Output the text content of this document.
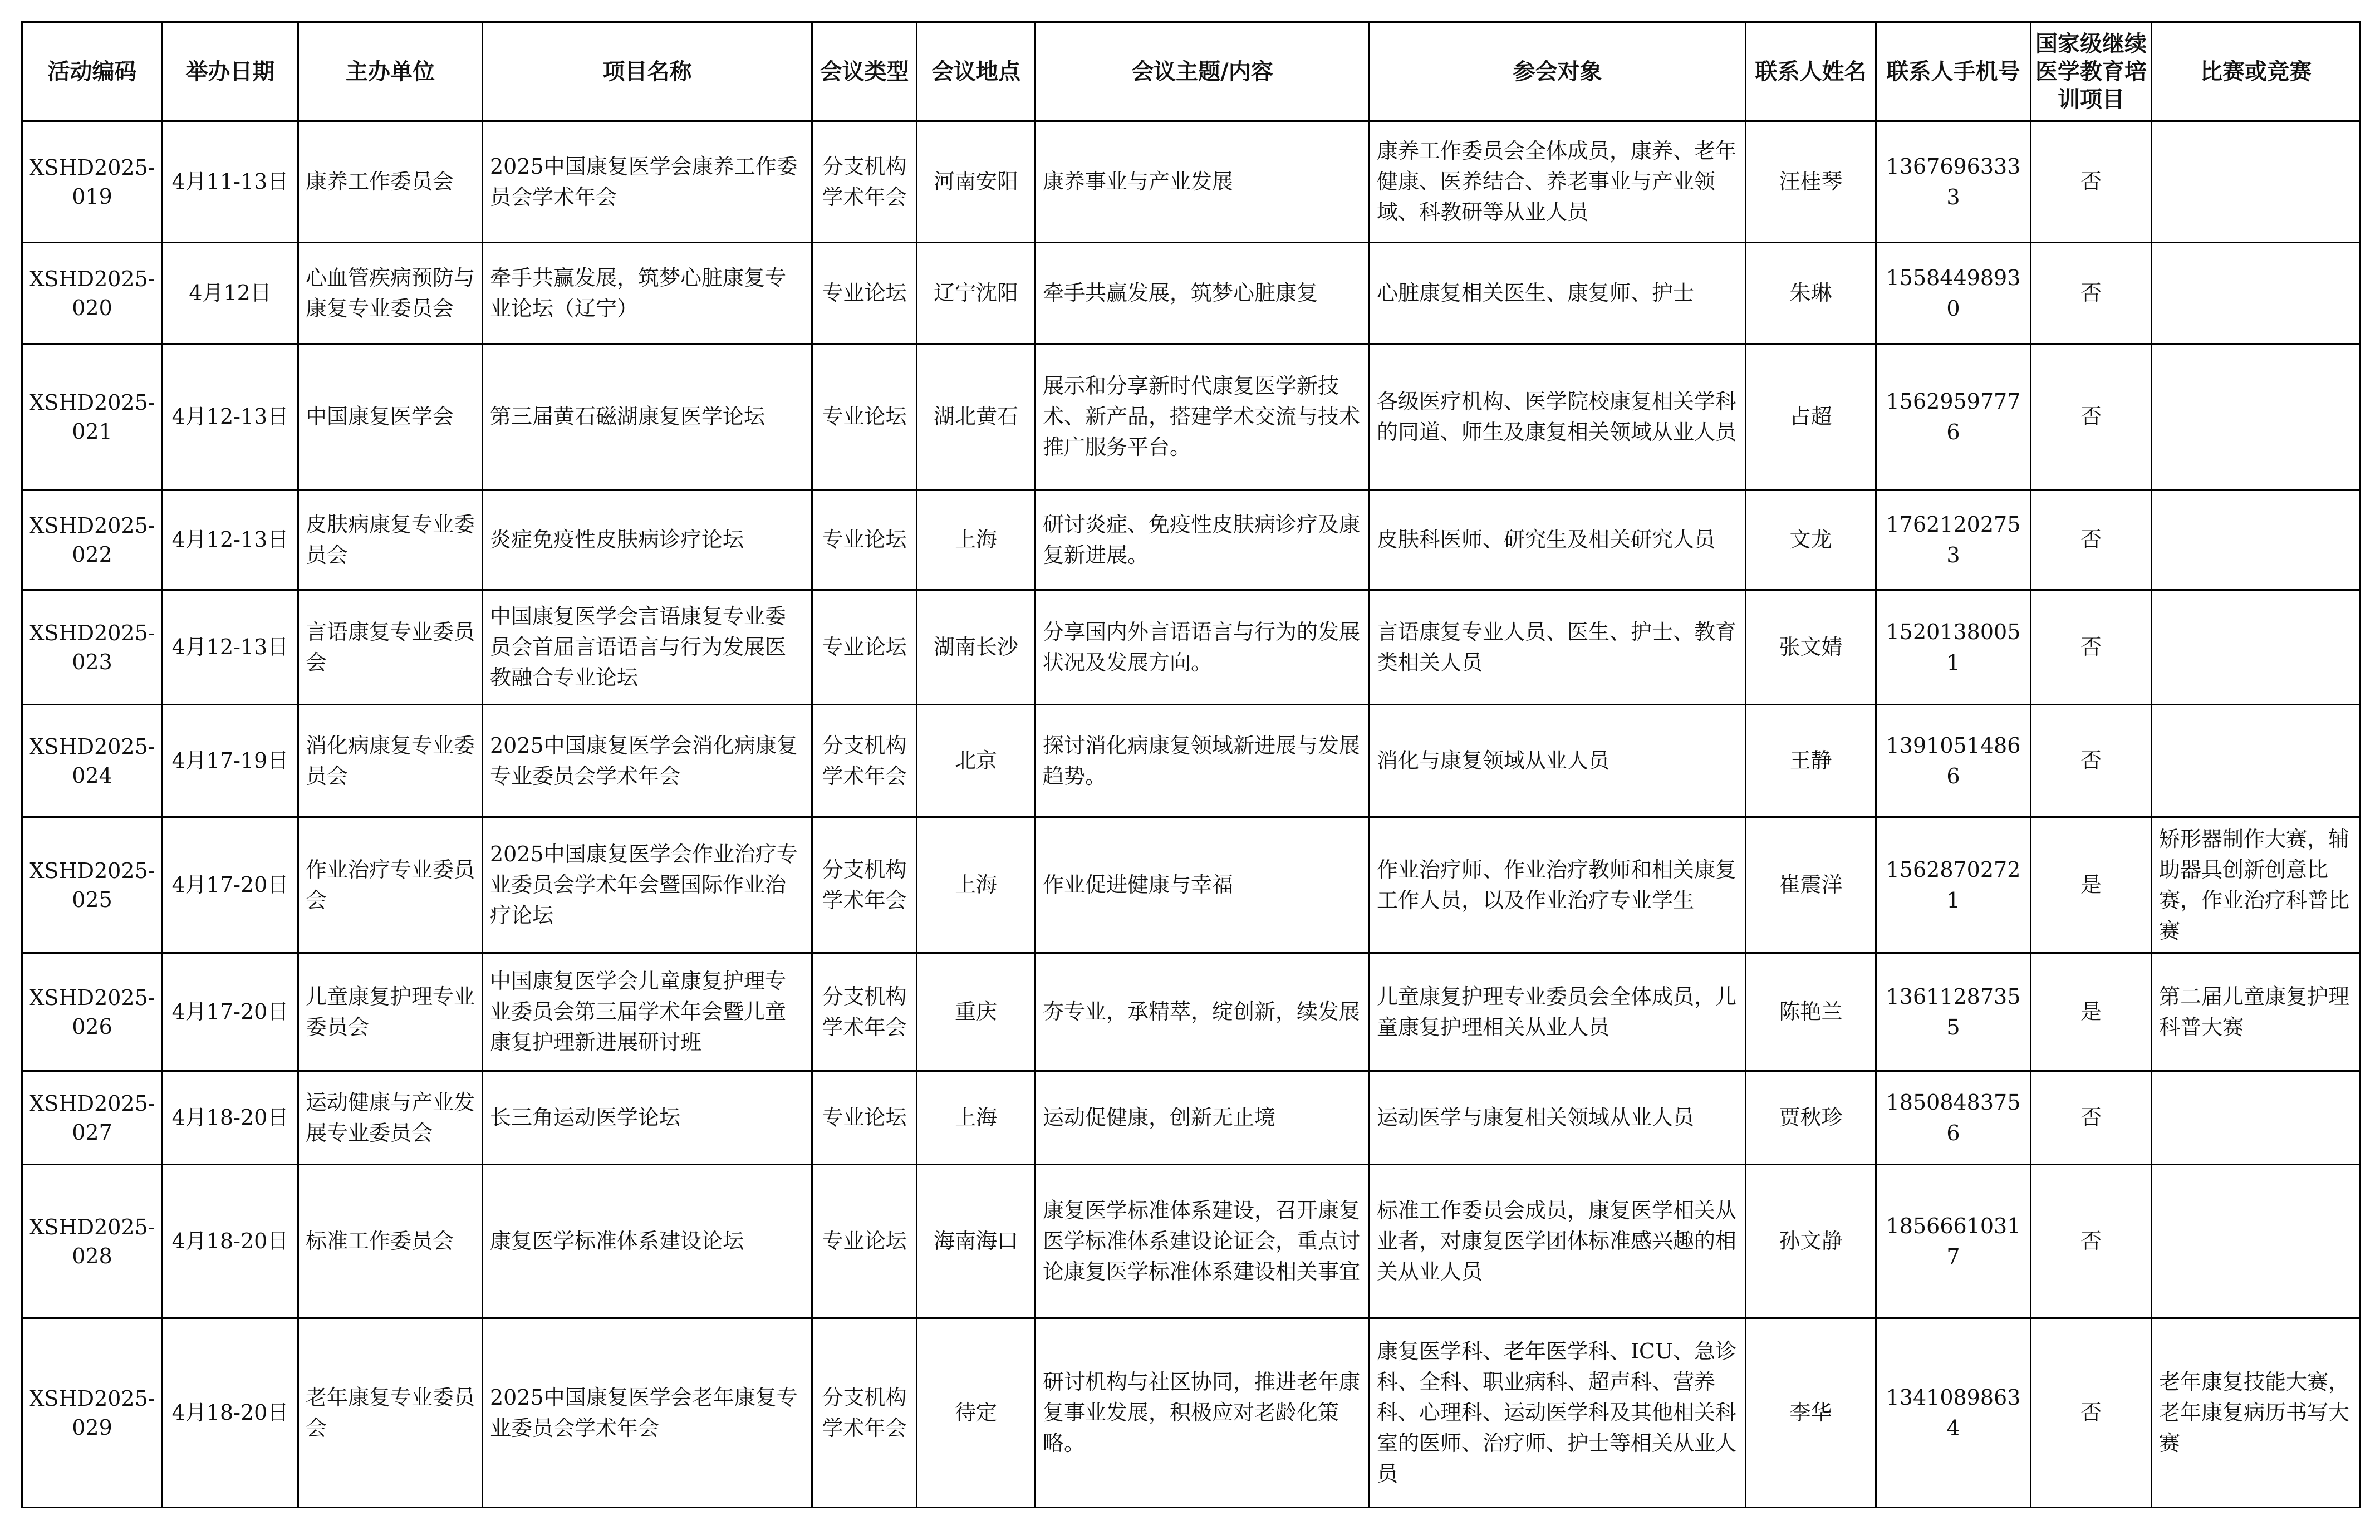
活动编码	举办日期	主办单位	项目名称	会议类型	会议地点	会议主题/内容	参会对象	联系人姓名	联系人手机号	国家级继续医学教育培训项目	比赛或竞赛
XSHD2025-019	4月11-13日	康养工作委员会	2025中国康复医学会康养工作委员会学术年会	分支机构学术年会	河南安阳	康养事业与产业发展	康养工作委员会全体成员，康养、老年健康、医养结合、养老事业与产业领域、科教研等从业人员	汪桂琴	13676963333	否	
XSHD2025-020	4月12日	心血管疾病预防与康复专业委员会	牵手共赢发展，筑梦心脏康复专业论坛（辽宁）	专业论坛	辽宁沈阳	牵手共赢发展，筑梦心脏康复	心脏康复相关医生、康复师、护士	朱琳	15584498930	否	
XSHD2025-021	4月12-13日	中国康复医学会	第三届黄石磁湖康复医学论坛	专业论坛	湖北黄石	展示和分享新时代康复医学新技术、新产品，搭建学术交流与技术推广服务平台。	各级医疗机构、医学院校康复相关学科的同道、师生及康复相关领域从业人员	占超	15629597776	否	
XSHD2025-022	4月12-13日	皮肤病康复专业委员会	炎症免疫性皮肤病诊疗论坛	专业论坛	上海	研讨炎症、免疫性皮肤病诊疗及康复新进展。	皮肤科医师、研究生及相关研究人员	文龙	17621202753	否	
XSHD2025-023	4月12-13日	言语康复专业委员会	中国康复医学会言语康复专业委员会首届言语语言与行为发展医教融合专业论坛	专业论坛	湖南长沙	分享国内外言语语言与行为的发展状况及发展方向。	言语康复专业人员、医生、护士、教育类相关人员	张文婧	15201380051	否	
XSHD2025-024	4月17-19日	消化病康复专业委员会	2025中国康复医学会消化病康复专业委员会学术年会	分支机构学术年会	北京	探讨消化病康复领域新进展与发展趋势。	消化与康复领域从业人员	王静	13910514866	否	
XSHD2025-025	4月17-20日	作业治疗专业委员会	2025中国康复医学会作业治疗专业委员会学术年会暨国际作业治疗论坛	分支机构学术年会	上海	作业促进健康与幸福	作业治疗师、作业治疗教师和相关康复工作人员，以及作业治疗专业学生	崔震洋	15628702721	是	矫形器制作大赛，辅助器具创新创意比赛，作业治疗科普比赛
XSHD2025-026	4月17-20日	儿童康复护理专业委员会	中国康复医学会儿童康复护理专业委员会第三届学术年会暨儿童康复护理新进展研讨班	分支机构学术年会	重庆	夯专业，承精萃，绽创新，续发展	儿童康复护理专业委员会全体成员，儿童康复护理相关从业人员	陈艳兰	13611287355	是	第二届儿童康复护理科普大赛
XSHD2025-027	4月18-20日	运动健康与产业发展专业委员会	长三角运动医学论坛	专业论坛	上海	运动促健康，创新无止境	运动医学与康复相关领域从业人员	贾秋珍	18508483756	否	
XSHD2025-028	4月18-20日	标准工作委员会	康复医学标准体系建设论坛	专业论坛	海南海口	康复医学标准体系建设，召开康复医学标准体系建设论证会，重点讨论康复医学标准体系建设相关事宜	标准工作委员会成员，康复医学相关从业者，对康复医学团体标准感兴趣的相关从业人员	孙文静	18566610317	否	
XSHD2025-029	4月18-20日	老年康复专业委员会	2025中国康复医学会老年康复专业委员会学术年会	分支机构学术年会	待定	研讨机构与社区协同，推进老年康复事业发展，积极应对老龄化策略。	康复医学科、老年医学科、ICU、急诊科、全科、职业病科、超声科、营养科、心理科、运动医学科及其他相关科室的医师、治疗师、护士等相关从业人员	李华	13410898634	否	老年康复技能大赛，老年康复病历书写大赛
